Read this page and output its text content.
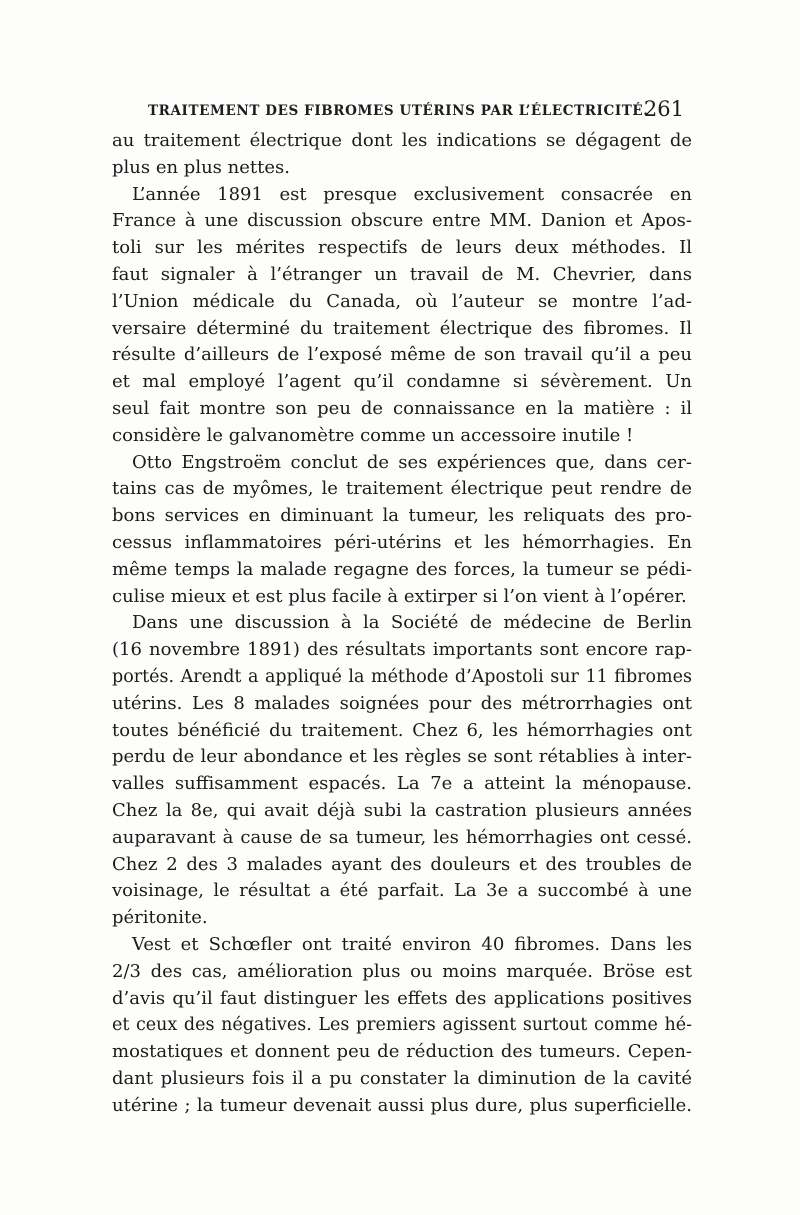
TRAITEMENT DES FIBROMES UTÉRINS PAR L’ÉLECTRICITÉ.
261
au traitement électrique dont les indications se dégagent de
plus en plus nettes.
L’année 1891 est presque exclusivement consacrée en
France à une discussion obscure entre MM. Danion et Apos-
toli sur les mérites respectifs de leurs deux méthodes. Il
faut signaler à l’étranger un travail de M. Chevrier, dans
l’Union médicale du Canada, où l’auteur se montre l’ad-
versaire déterminé du traitement électrique des fibromes. Il
résulte d’ailleurs de l’exposé même de son travail qu’il a peu
et mal employé l’agent qu’il condamne si sévèrement. Un
seul fait montre son peu de connaissance en la matière : il
considère le galvanomètre comme un accessoire inutile !
Otto Engstroëm conclut de ses expériences que, dans cer-
tains cas de myômes, le traitement électrique peut rendre de
bons services en diminuant la tumeur, les reliquats des pro-
cessus inflammatoires péri-utérins et les hémorrhagies. En
même temps la malade regagne des forces, la tumeur se pédi-
culise mieux et est plus facile à extirper si l’on vient à l’opérer.
Dans une discussion à la Société de médecine de Berlin
(16 novembre 1891) des résultats importants sont encore rap-
portés. Arendt a appliqué la méthode d’Apostoli sur 11 fibromes
utérins. Les 8 malades soignées pour des métrorrhagies ont
toutes bénéficié du traitement. Chez 6, les hémorrhagies ont
perdu de leur abondance et les règles se sont rétablies à inter-
valles suffisamment espacés. La 7e a atteint la ménopause.
Chez la 8e, qui avait déjà subi la castration plusieurs années
auparavant à cause de sa tumeur, les hémorrhagies ont cessé.
Chez 2 des 3 malades ayant des douleurs et des troubles de
voisinage, le résultat a été parfait. La 3e a succombé à une
péritonite.
Vest et Schœfler ont traité environ 40 fibromes. Dans les
2/3 des cas, amélioration plus ou moins marquée. Bröse est
d’avis qu’il faut distinguer les effets des applications positives
et ceux des négatives. Les premiers agissent surtout comme hé-
mostatiques et donnent peu de réduction des tumeurs. Cepen-
dant plusieurs fois il a pu constater la diminution de la cavité
utérine ; la tumeur devenait aussi plus dure, plus superficielle.
